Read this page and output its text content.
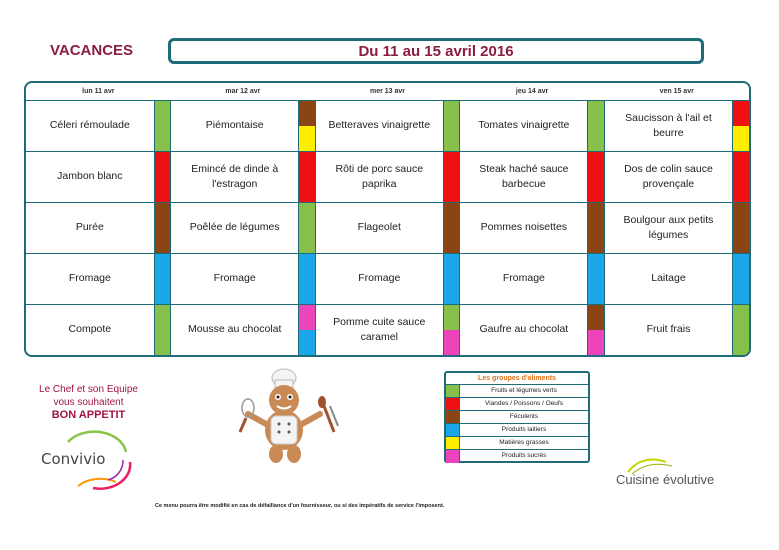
VACANCES	Du 11 au 15 avril 2016
lun 11 avr		mar 12 avr		mer 13 avr		jeu 14 avr		ven 15 avr	
Céleri rémoulade		Piémontaise		Betteraves vinaigrette		Tomates vinaigrette		Saucisson à l'ail et beurre	

Jambon blanc		Emincé de dinde à l'estragon		Rôti de porc sauce paprika		Steak haché sauce barbecue		Dos de colin sauce provençale	

Purée		Poêlée de légumes		Flageolet		Pommes noisettes		Boulgour aux petits légumes	

Fromage		Fromage		Fromage		Fromage		Laitage	

Compote		Mousse au chocolat		Pomme cuite sauce caramel		Gaufre au chocolat		Fruit frais	
Le Chef et son Equipe
vous souhaitent
BON APPETIT
Convivio
Les groupes d'aliments
Fruits et légumes verts
Viandes / Poissons / Oeufs
Féculents
Produits laitiers
Matières grasses
Produits sucrés
Cuisine évolutive
Ce menu pourra être modifié en cas de défaillance d'un fournisseur, ou si des impératifs de service l'imposent.
